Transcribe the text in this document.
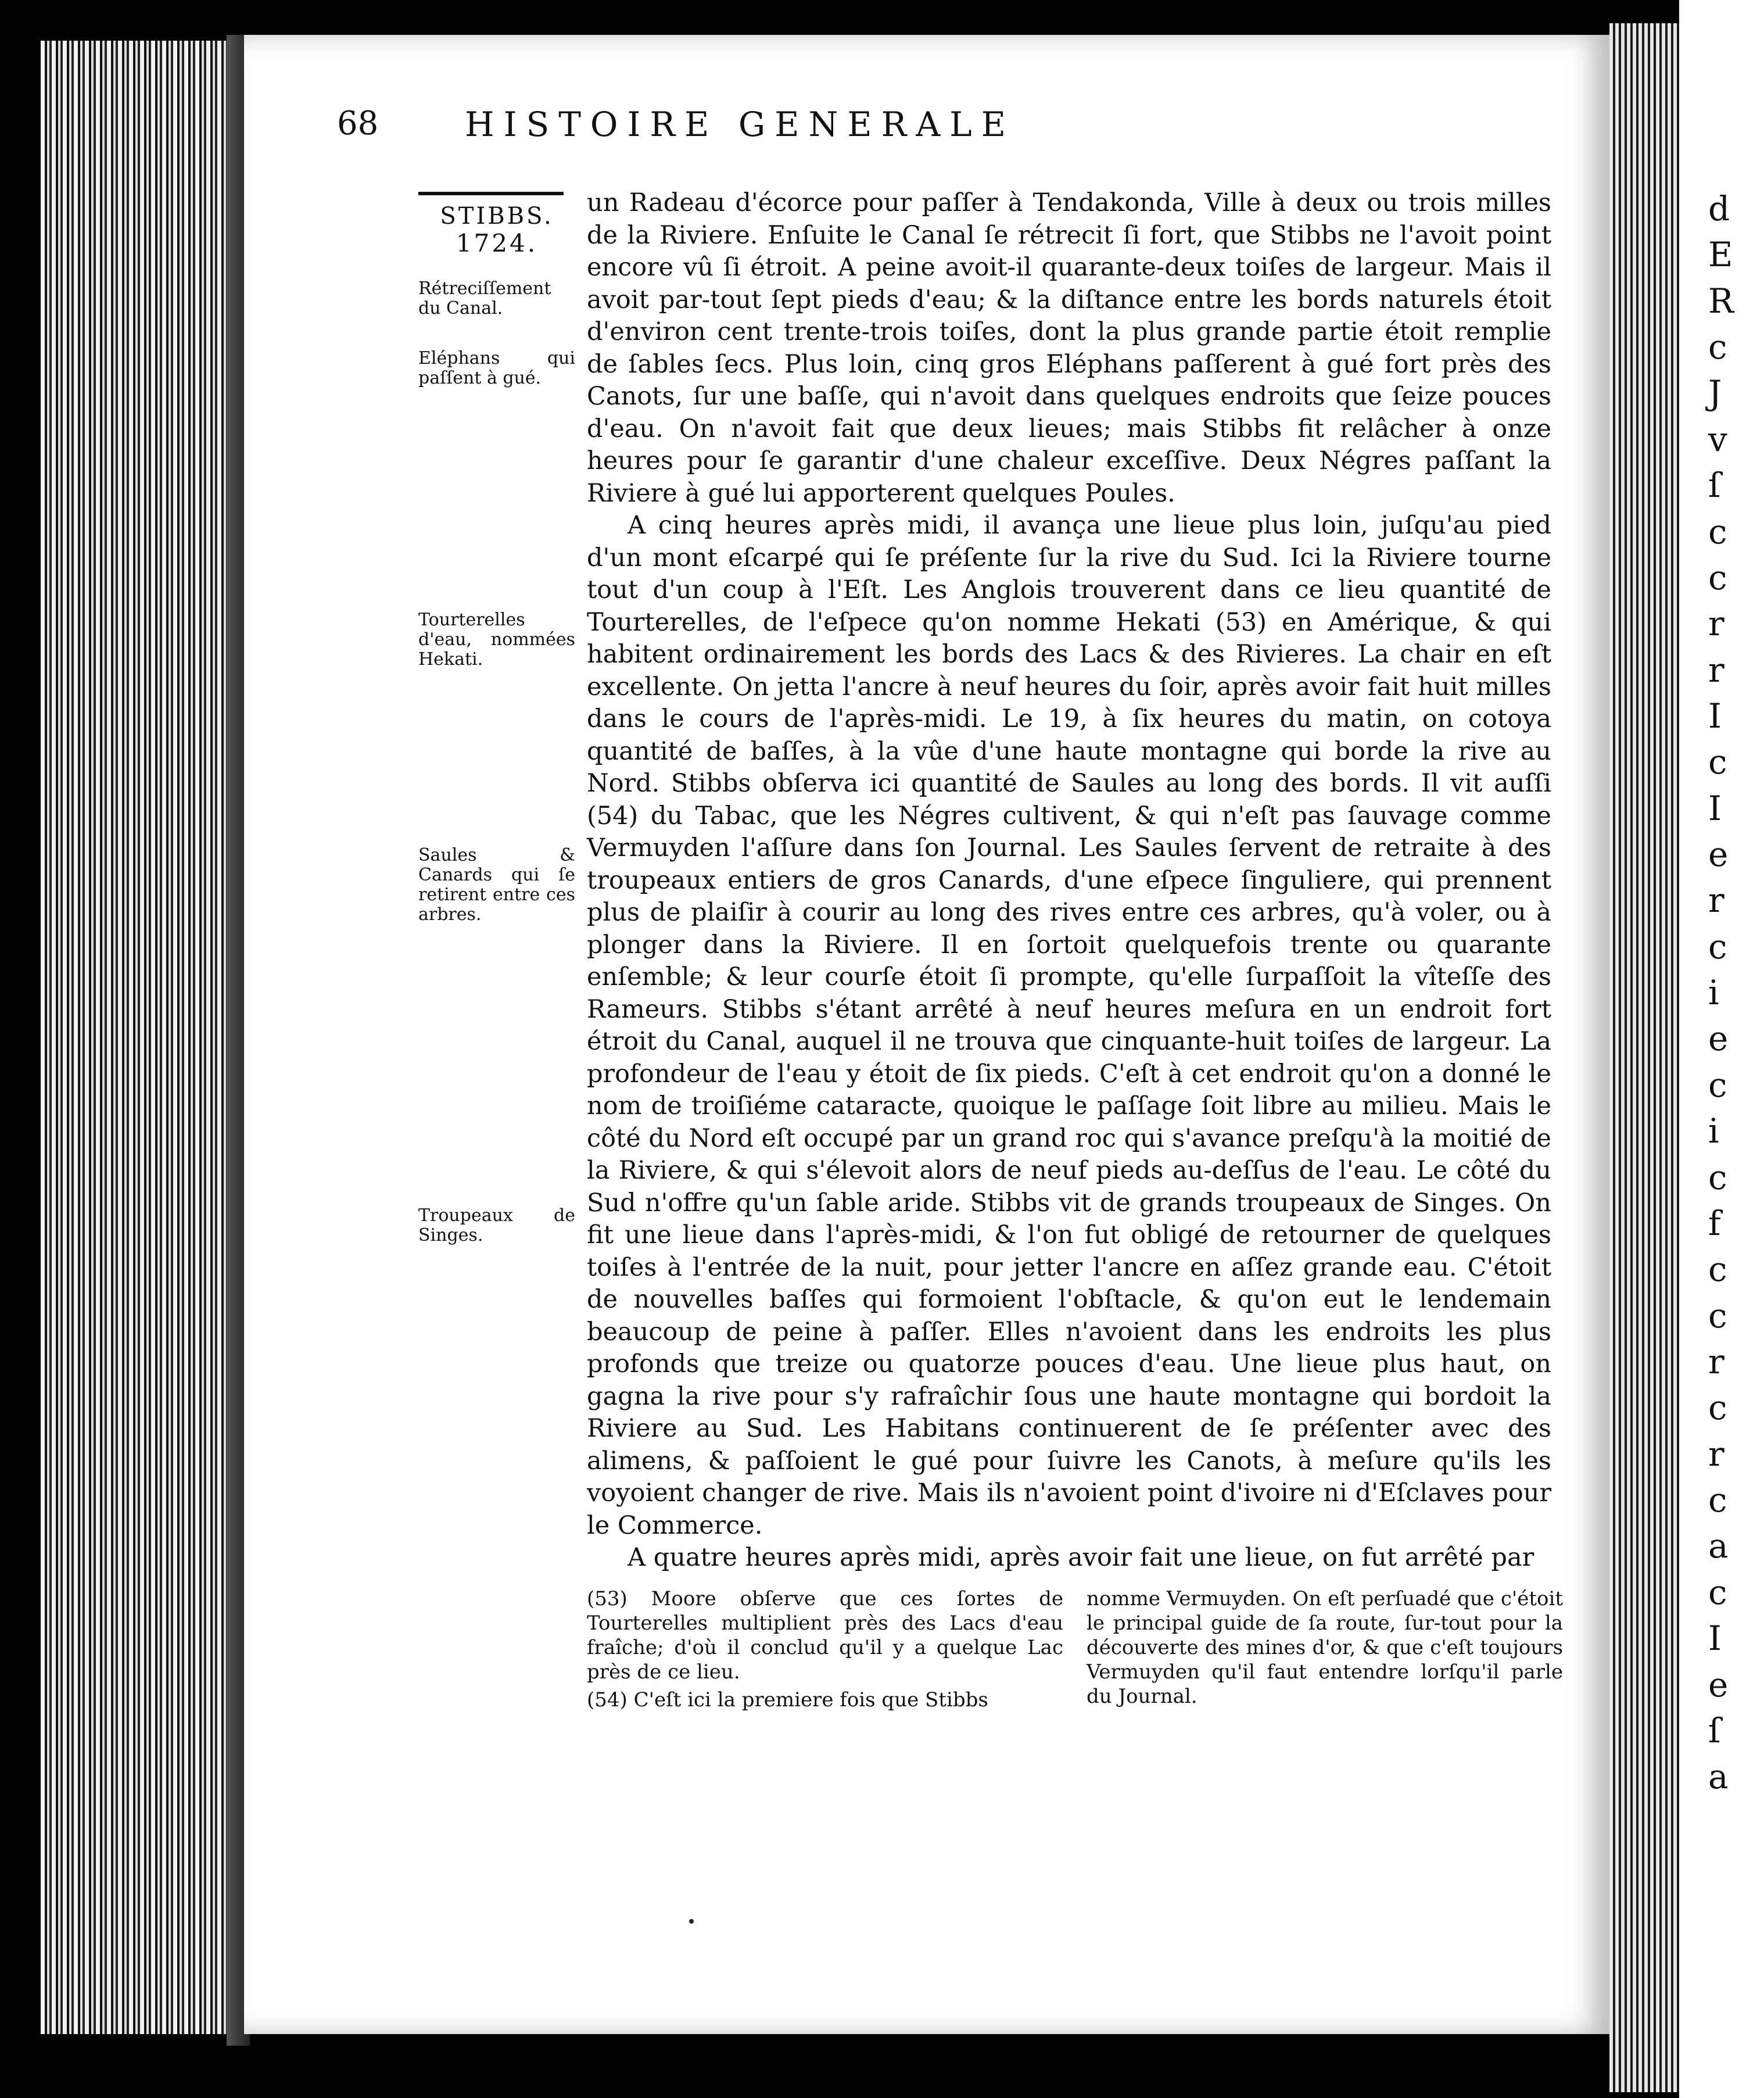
d
E
R
c
J
v
ſ
c
c
r
r
I
c
I
e
r
c
i
e
c
i
c
f
c
c
r
c
r
c
a
c
I
e
ſ
a
68	HISTOIRE GENERALE
STIBBS.
1724.
Rétreciſſement du Canal.
Eléphans qui paſſent à gué.
Tourterelles d'eau, nommées Hekati.
Saules & Canards qui ſe retirent entre ces arbres.
Troupeaux de Singes.

un Radeau d'écorce pour paſſer à Tendakonda, Ville à deux ou trois milles de la Riviere. Enſuite le Canal ſe rétrecit ſi fort, que Stibbs ne l'avoit point encore vû ſi étroit. A peine avoit-il quarante-deux toiſes de largeur. Mais il avoit par-tout ſept pieds d'eau; & la diſtance entre les bords naturels étoit d'environ cent trente-trois toiſes, dont la plus grande partie étoit remplie de ſables ſecs. Plus loin, cinq gros Eléphans paſſerent à gué fort près des Canots, ſur une baſſe, qui n'avoit dans quelques endroits que ſeize pouces d'eau. On n'avoit fait que deux lieues; mais Stibbs fit relâcher à onze heures pour ſe garantir d'une chaleur exceſſive. Deux Négres paſſant la Riviere à gué lui apporterent quelques Poules.

A cinq heures après midi, il avança une lieue plus loin, juſqu'au pied d'un mont eſcarpé qui ſe préſente ſur la rive du Sud. Ici la Riviere tourne tout d'un coup à l'Eſt. Les Anglois trouverent dans ce lieu quantité de Tourterelles, de l'eſpece qu'on nomme Hekati (53) en Amérique, & qui habitent ordinairement les bords des Lacs & des Rivieres. La chair en eſt excellente. On jetta l'ancre à neuf heures du ſoir, après avoir fait huit milles dans le cours de l'après-midi. Le 19, à ſix heures du matin, on cotoya quantité de baſſes, à la vûe d'une haute montagne qui borde la rive au Nord. Stibbs obſerva ici quantité de Saules au long des bords. Il vit auſſi (54) du Tabac, que les Négres cultivent, & qui n'eſt pas ſauvage comme Vermuyden l'aſſure dans ſon Journal. Les Saules ſervent de retraite à des troupeaux entiers de gros Canards, d'une eſpece ſinguliere, qui prennent plus de plaiſir à courir au long des rives entre ces arbres, qu'à voler, ou à plonger dans la Riviere. Il en ſortoit quelquefois trente ou quarante enſemble; & leur courſe étoit ſi prompte, qu'elle ſurpaſſoit la vîteſſe des Rameurs. Stibbs s'étant arrêté à neuf heures meſura en un endroit fort étroit du Canal, auquel il ne trouva que cinquante-huit toiſes de largeur. La profondeur de l'eau y étoit de ſix pieds. C'eſt à cet endroit qu'on a donné le nom de troiſiéme cataracte, quoique le paſſage ſoit libre au milieu. Mais le côté du Nord eſt occupé par un grand roc qui s'avance preſqu'à la moitié de la Riviere, & qui s'élevoit alors de neuf pieds au-deſſus de l'eau. Le côté du Sud n'offre qu'un ſable aride. Stibbs vit de grands troupeaux de Singes. On fit une lieue dans l'après-midi, & l'on fut obligé de retourner de quelques toiſes à l'entrée de la nuit, pour jetter l'ancre en aſſez grande eau. C'étoit de nouvelles baſſes qui formoient l'obſtacle, & qu'on eut le lendemain beaucoup de peine à paſſer. Elles n'avoient dans les endroits les plus profonds que treize ou quatorze pouces d'eau. Une lieue plus haut, on gagna la rive pour s'y rafraîchir ſous une haute montagne qui bordoit la Riviere au Sud. Les Habitans continuerent de ſe préſenter avec des alimens, & paſſoient le gué pour ſuivre les Canots, à meſure qu'ils les voyoient changer de rive. Mais ils n'avoient point d'ivoire ni d'Eſclaves pour le Commerce.

A quatre heures après midi, après avoir fait une lieue, on fut arrêté par

(53) Moore obſerve que ces ſortes de Tourterelles multiplient près des Lacs d'eau fraîche; d'où il conclud qu'il y a quelque Lac près de ce lieu.

(54) C'eſt ici la premiere fois que Stibbs

nomme Vermuyden. On eſt perſuadé que c'étoit le principal guide de ſa route, ſur-tout pour la découverte des mines d'or, & que c'eſt toujours Vermuyden qu'il faut entendre lorſqu'il parle du Journal.
